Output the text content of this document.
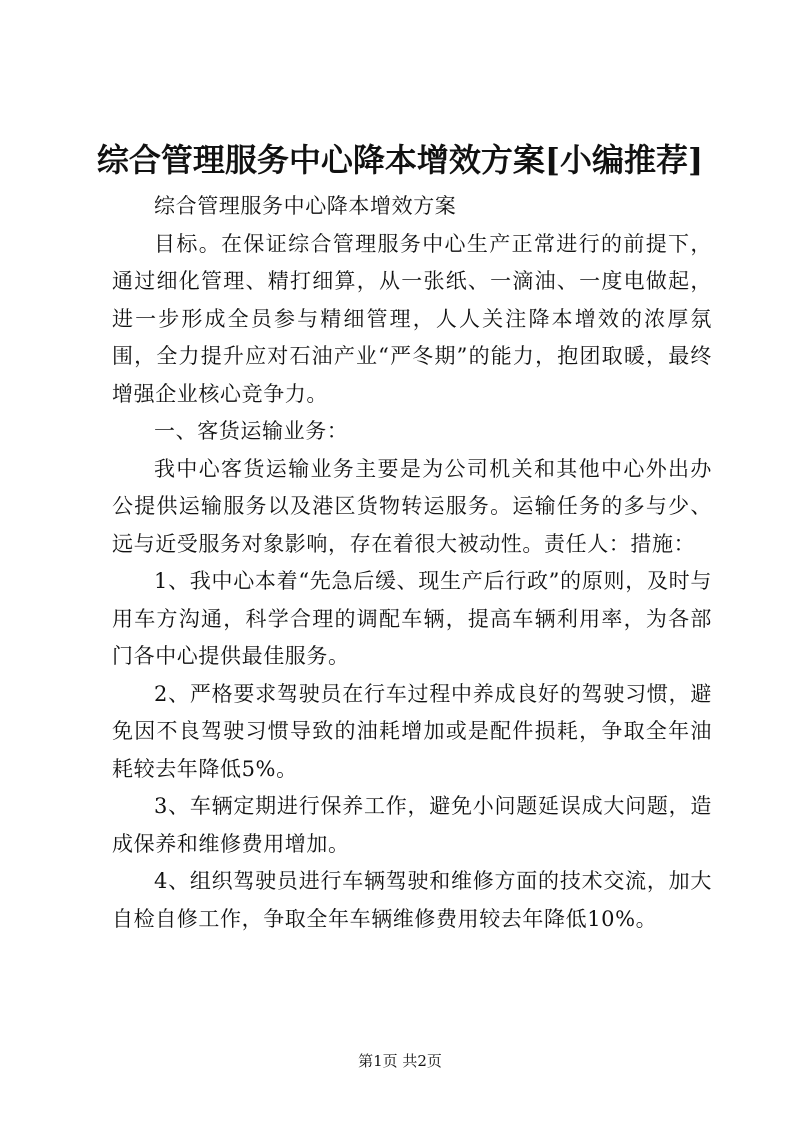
综合管理服务中心降本增效方案[小编推荐]

综合管理服务中心降本增效方案

目标。在保证综合管理服务中心生产正常进行的前提下，通过细化管理、精打细算，从一张纸、一滴油、一度电做起，进一步形成全员参与精细管理，人人关注降本增效的浓厚氛围，全力提升应对石油产业“严冬期”的能力，抱团取暖，最终增强企业核心竞争力。

一、客货运输业务：

我中心客货运输业务主要是为公司机关和其他中心外出办公提供运输服务以及港区货物转运服务。运输任务的多与少、远与近受服务对象影响，存在着很大被动性。责任人：措施：

1、我中心本着“先急后缓、现生产后行政”的原则，及时与用车方沟通，科学合理的调配车辆，提高车辆利用率，为各部门各中心提供最佳服务。

2、严格要求驾驶员在行车过程中养成良好的驾驶习惯，避免因不良驾驶习惯导致的油耗增加或是配件损耗，争取全年油耗较去年降低5%。

3、车辆定期进行保养工作，避免小问题延误成大问题，造成保养和维修费用增加。

4、组织驾驶员进行车辆驾驶和维修方面的技术交流，加大自检自修工作，争取全年车辆维修费用较去年降低10%。

第1页 共2页
